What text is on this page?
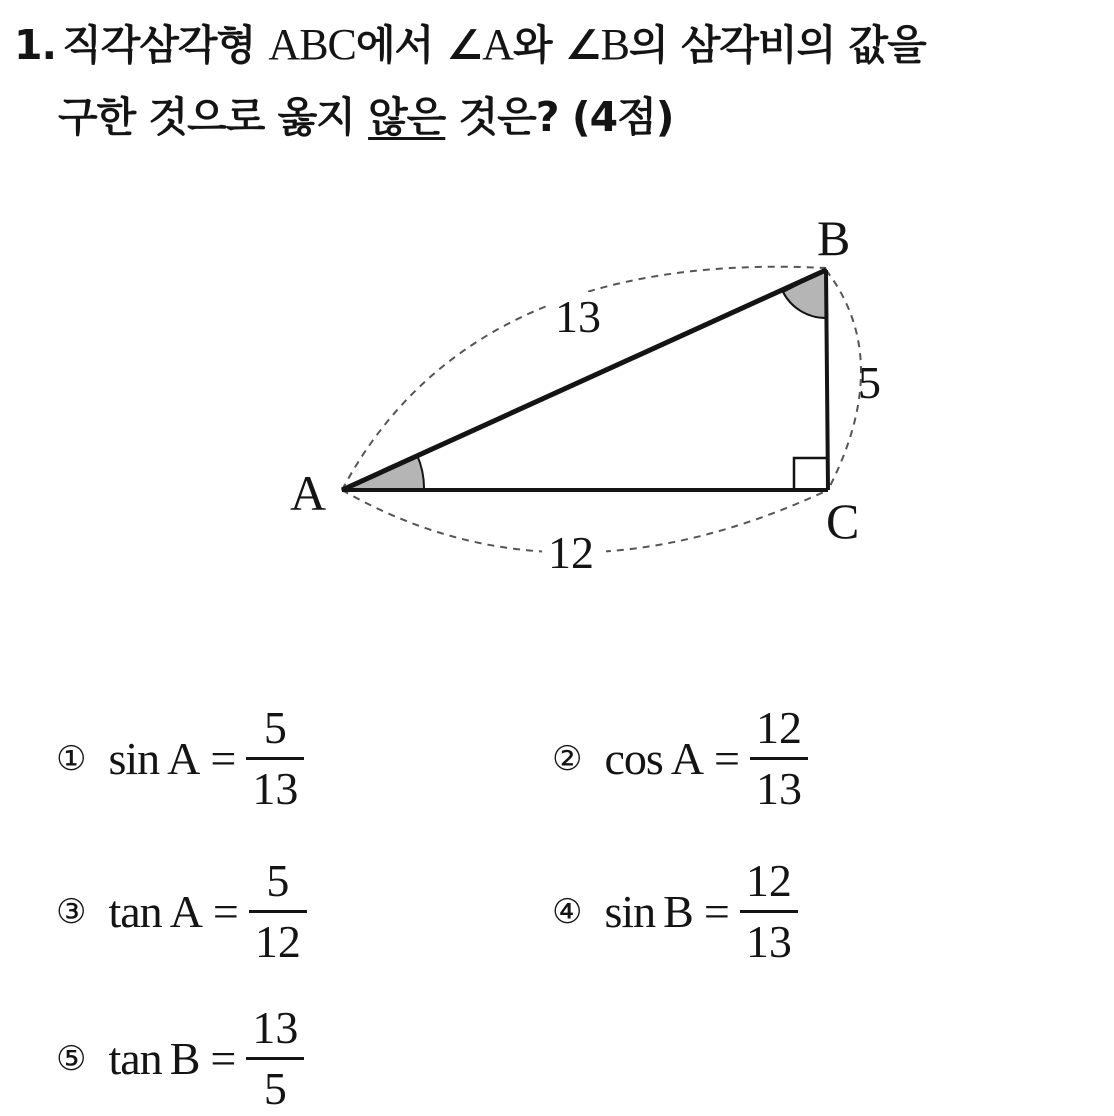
1. 직각삼각형 ABC에서 ∠A와 ∠B의 삼각비의 값을
구한 것으로 옳지 않은 것은? (4점)
A
B
C
13
5
12
① $\sin A = \frac{5}{13}$	② $\cos A = \frac{12}{13}$
③ $\tan A = \frac{5}{12}$	④ $\sin B = \frac{12}{13}$
⑤ $\tan B = \frac{13}{5}$
